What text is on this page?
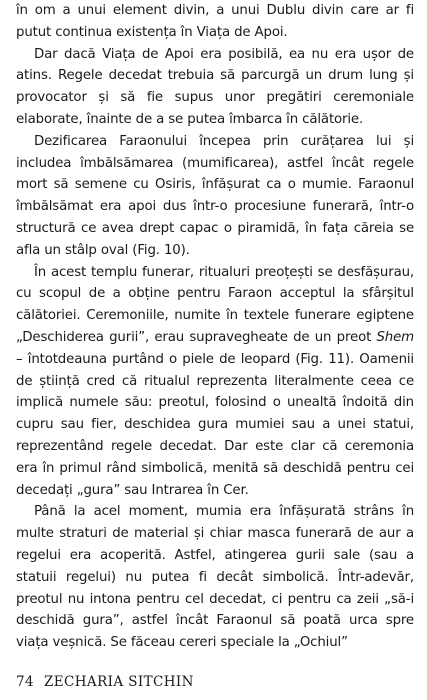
în om a unui element divin, a unui Dublu divin care ar fi putut continua existența în Viața de Apoi.

Dar dacă Viața de Apoi era posibilă, ea nu era ușor de atins. Regele decedat trebuia să parcurgă un drum lung și provocator și să fie supus unor pregătiri ceremoniale elaborate, înainte de a se putea îmbarca în călătorie.

Dezificarea Faraonului începea prin curățarea lui și includea îmbălsămarea (mumificarea), astfel încât regele mort să semene cu Osiris, înfășurat ca o mumie. Faraonul îmbălsămat era apoi dus într-o procesiune funerară, într-o structură ce avea drept capac o piramidă, în fața căreia se afla un stâlp oval (Fig. 10).

În acest templu funerar, ritualuri preoțești se desfășurau, cu scopul de a obține pentru Faraon acceptul la sfârșitul călătoriei. Ceremoniile, numite în textele funerare egiptene „Deschiderea gurii”, erau supravegheate de un preot Shem – întotdeauna purtând o piele de leopard (Fig. 11). Oamenii de știință cred că ritualul reprezenta literalmente ceea ce implică numele său: preotul, folosind o unealtă îndoită din cupru sau fier, deschidea gura mumiei sau a unei statui, reprezentând regele decedat. Dar este clar că ceremonia era în primul rând simbolică, menită să deschidă pentru cei decedați „gura” sau Intrarea în Cer.

Până la acel moment, mumia era înfășurată strâns în multe straturi de material și chiar masca funerară de aur a regelui era acoperită. Astfel, atingerea gurii sale (sau a statuii regelui) nu putea fi decât simbolică. Într-adevăr, preotul nu intona pentru cel decedat, ci pentru ca zeii „să-i deschidă gura”, astfel încât Faraonul să poată urca spre viața veșnică. Se făceau cereri speciale la „Ochiul”

74 ZECHARIA SITCHIN
